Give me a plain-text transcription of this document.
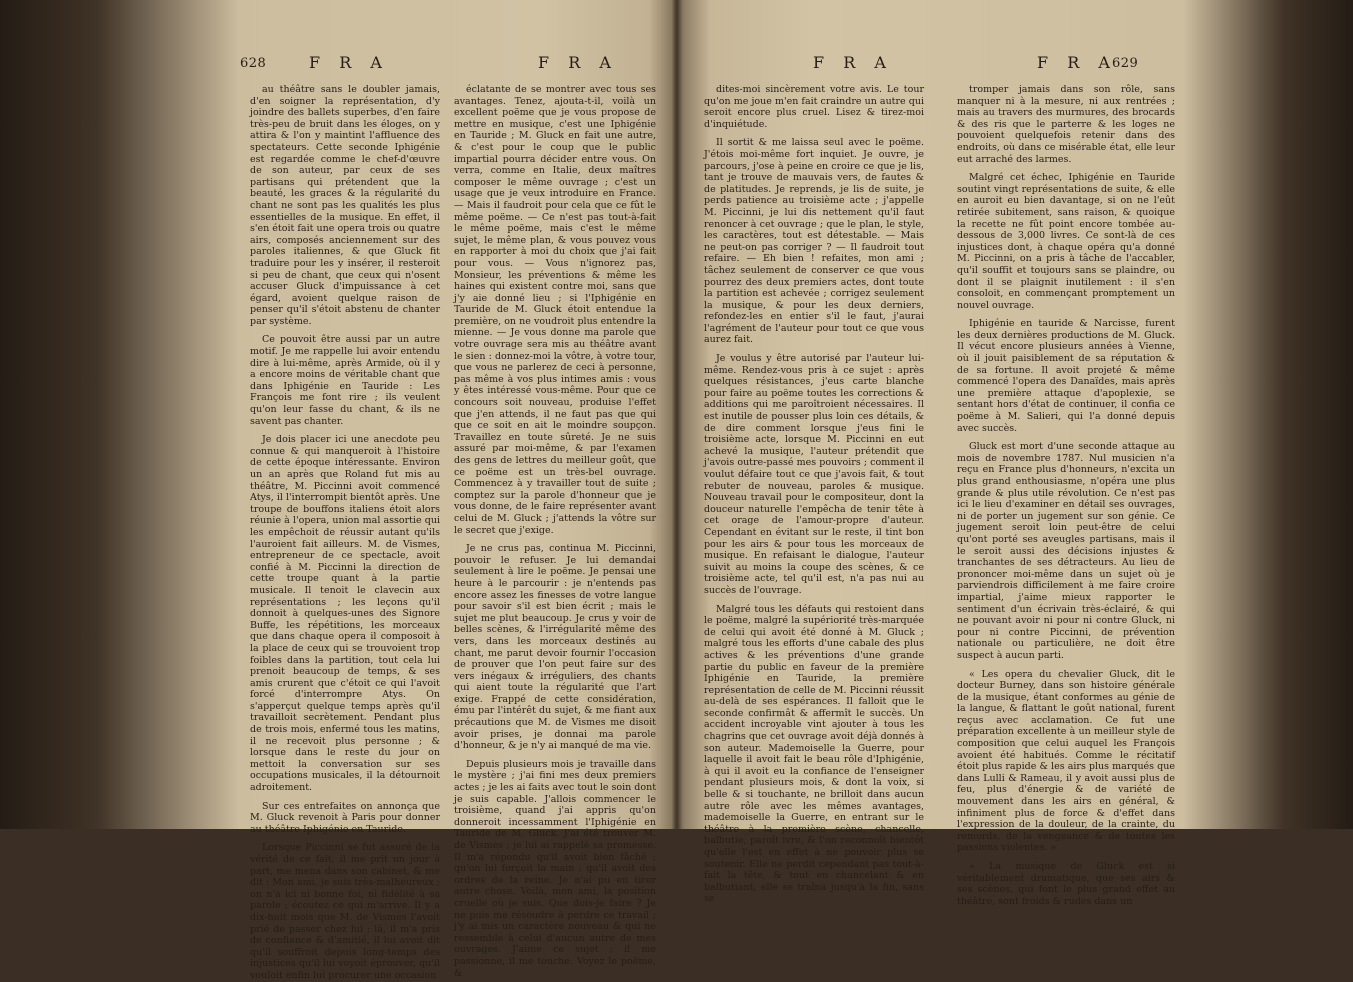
628	F R A	F R A

au théâtre sans le doubler jamais, d'en soigner la représentation, d'y joindre des ballets superbes, d'en faire très-peu de bruit dans les éloges, on y attira & l'on y maintint l'affluence des spectateurs. Cette seconde Iphigénie est regardée comme le chef-d'œuvre de son auteur, par ceux de ses partisans qui prétendent que la beauté, les graces & la régularité du chant ne sont pas les qualités les plus essentielles de la musique. En effet, il s'en étoit fait une opera trois ou quatre airs, composés anciennement sur des paroles italiennes, & que Gluck fit traduire pour les y insérer, il resteroit si peu de chant, que ceux qui n'osent accuser Gluck d'impuissance à cet égard, avoient quelque raison de penser qu'il s'étoit abstenu de chanter par système.

Ce pouvoit être aussi par un autre motif. Je me rappelle lui avoir entendu dire à lui-même, après Armide, où il y a encore moins de véritable chant que dans Iphigénie en Tauride : Les François me font rire ; ils veulent qu'on leur fasse du chant, & ils ne savent pas chanter.

Je dois placer ici une anecdote peu connue & qui manqueroit à l'histoire de cette époque intéressante. Environ un an après que Roland fut mis au théâtre, M. Piccinni avoit commencé Atys, il l'interrompit bientôt après. Une troupe de bouffons italiens étoit alors réunie à l'opera, union mal assortie qui les empêchoit de réussir autant qu'ils l'auroient fait ailleurs. M. de Vismes, entrepreneur de ce spectacle, avoit confié à M. Piccinni la direction de cette troupe quant à la partie musicale. Il tenoit le clavecin aux représentations ; les leçons qu'il donnoit à quelques-unes des Signore Buffe, les répétitions, les morceaux que dans chaque opera il composoit à la place de ceux qui se trouvoient trop foibles dans la partition, tout cela lui prenoit beaucoup de temps, & ses amis crurent que c'étoit ce qui l'avoit forcé d'interrompre Atys. On s'apperçut quelque temps après qu'il travailloit secrètement. Pendant plus de trois mois, enfermé tous les matins, il ne recevoit plus personne ; & lorsque dans le reste du jour on mettoit la conversation sur ses occupations musicales, il la détournoit adroitement.

Sur ces entrefaites on annonça que M. Gluck revenoit à Paris pour donner au théâtre Iphigénie en Tauride.

Lorsque Piccinni se fut assuré de la vérité de ce fait, il me prit un jour à part, me mena dans son cabinet, & me dit : Mon ami, je suis très-malheureux ; on n'a ici ni bonne foi, ni fidélité à sa parole ; écoutez ce qui m'arrive. Il y a dix-huit mois que M. de Vismes l'avoit prié de passer chez lui ; là, il m'a pris de confiance & d'amitié, il lui avoit dit qu'il souffroit depuis long-temps des injustices qu'il lui voyoit éprouver, qu'il vouloit enfin lui procurer une occasion

éclatante de se montrer avec tous ses avantages. Tenez, ajouta-t-il, voilà un excellent poëme que je vous propose de mettre en musique, c'est une Iphigénie en Tauride ; M. Gluck en fait une autre, & c'est pour le coup que le public impartial pourra décider entre vous. On verra, comme en Italie, deux maîtres composer le même ouvrage ; c'est un usage que je veux introduire en France. — Mais il faudroit pour cela que ce fût le même poëme. — Ce n'est pas tout-à-fait le même poëme, mais c'est le même sujet, le même plan, & vous pouvez vous en rapporter à moi du choix que j'ai fait pour vous. — Vous n'ignorez pas, Monsieur, les préventions & même les haines qui existent contre moi, sans que j'y aie donné lieu ; si l'Iphigénie en Tauride de M. Gluck étoit entendue la première, on ne voudroit plus entendre la mienne. — Je vous donne ma parole que votre ouvrage sera mis au théâtre avant le sien : donnez-moi la vôtre, à votre tour, que vous ne parlerez de ceci à personne, pas même à vos plus intimes amis : vous y êtes intéressé vous-même. Pour que ce concours soit nouveau, produise l'effet que j'en attends, il ne faut pas que qui que ce soit en ait le moindre soupçon. Travaillez en toute sûreté. Je ne suis assuré par moi-même, & par l'examen des gens de lettres du meilleur goût, que ce poëme est un très-bel ouvrage. Commencez à y travailler tout de suite ; comptez sur la parole d'honneur que je vous donne, de le faire représenter avant celui de M. Gluck ; j'attends la vôtre sur le secret que j'exige.

Je ne crus pas, continua M. Piccinni, pouvoir le refuser. Je lui demandai seulement à lire le poëme. Je pensai une heure à le parcourir : je n'entends pas encore assez les finesses de votre langue pour savoir s'il est bien écrit ; mais le sujet me plut beaucoup. Je crus y voir de belles scènes, & l'irrégularité même des vers, dans les morceaux destinés au chant, me parut devoir fournir l'occasion de prouver que l'on peut faire sur des vers inégaux & irréguliers, des chants qui aient toute la régularité que l'art exige. Frappé de cette considération, ému par l'intérêt du sujet, & me fiant aux précautions que M. de Vismes me disoit avoir prises, je donnai ma parole d'honneur, & je n'y ai manqué de ma vie.

Depuis plusieurs mois je travaille dans le mystère ; j'ai fini mes deux premiers actes ; je les ai faits avec tout le soin dont je suis capable. J'allois commencer le troisième, quand j'ai appris qu'on donneroit incessamment l'Iphigénie en Tauride de M. Gluck. J'ai été trouver M. de Vismes ; je lui ai rappelé sa promesse. Il m'a répondu qu'il avoit bien fâché ; qu'on lui forçoit la main ; qu'il avoit des ordres de la reine. Je n'ai pu en tirer autre chose. Voilà, mon ami, la position cruelle où je suis. Que dois-je faire ? Je ne puis me résoudre à perdre ce travail ; j'y ai mis un caractère nouveau & qui ne ressemble à celui d'aucun autre de mes ouvrages. J'aime ce sujet ; il me passionne, il me touche. Voyez le poëme, &

F R A	F R A
629

dites-moi sincèrement votre avis. Le tour qu'on me joue m'en fait craindre un autre qui seroit encore plus cruel. Lisez & tirez-moi d'inquiétude.

Il sortit & me laissa seul avec le poëme. J'étois moi-même fort inquiet. Je ouvre, je parcours, j'ose à peine en croire ce que je lis, tant je trouve de mauvais vers, de fautes & de platitudes. Je reprends, je lis de suite, je perds patience au troisième acte ; j'appelle M. Piccinni, je lui dis nettement qu'il faut renoncer à cet ouvrage ; que le plan, le style, les caractères, tout est détestable. — Mais ne peut-on pas corriger ? — Il faudroit tout refaire. — Eh bien ! refaites, mon ami ; tâchez seulement de conserver ce que vous pourrez des deux premiers actes, dont toute la partition est achevée ; corrigez seulement la musique, & pour les deux derniers, refondez-les en entier s'il le faut, j'aurai l'agrément de l'auteur pour tout ce que vous aurez fait.

Je voulus y être autorisé par l'auteur lui-même. Rendez-vous pris à ce sujet : après quelques résistances, j'eus carte blanche pour faire au poëme toutes les corrections & additions qui me paroîtroient nécessaires. Il est inutile de pousser plus loin ces détails, & de dire comment lorsque j'eus fini le troisième acte, lorsque M. Piccinni en eut achevé la musique, l'auteur prétendit que j'avois outre-passé mes pouvoirs ; comment il voulut défaire tout ce que j'avois fait, & tout rebuter de nouveau, paroles & musique. Nouveau travail pour le compositeur, dont la douceur naturelle l'empêcha de tenir tête à cet orage de l'amour-propre d'auteur. Cependant en évitant sur le reste, il tint bon pour les airs & pour tous les morceaux de musique. En refaisant le dialogue, l'auteur suivit au moins la coupe des scènes, & ce troisième acte, tel qu'il est, n'a pas nui au succès de l'ouvrage.

Malgré tous les défauts qui restoient dans le poëme, malgré la supériorité très-marquée de celui qui avoit été donné à M. Gluck ; malgré tous les efforts d'une cabale des plus actives & les préventions d'une grande partie du public en faveur de la première Iphigénie en Tauride, la première représentation de celle de M. Piccinni réussit au-delà de ses espérances. Il falloit que le seconde confirmât & affermît le succès. Un accident incroyable vint ajouter à tous les chagrins que cet ouvrage avoit déjà donnés à son auteur. Mademoiselle la Guerre, pour laquelle il avoit fait le beau rôle d'Iphigénie, à qui il avoit eu la confiance de l'enseigner pendant plusieurs mois, & dont la voix, si belle & si touchante, ne brilloit dans aucun autre rôle avec les mêmes avantages, mademoiselle la Guerre, en entrant sur le théâtre à la première scène, chancelle, balbutie, paroît ivre, & l'on reconnoît bientôt qu'elle l'est en effet à ne pouvoir plus se soutenir. Elle ne perdit cependant pas tout-à-fait la tête, & tout en chancelant & en balbutiant, elle se traîna jusqu'à la fin, sans se

tromper jamais dans son rôle, sans manquer ni à la mesure, ni aux rentrées ; mais au travers des murmures, des brocards & des ris que le parterre & les loges ne pouvoient quelquefois retenir dans des endroits, où dans ce misérable état, elle leur eut arraché des larmes.

Malgré cet échec, Iphigénie en Tauride soutint vingt représentations de suite, & elle en auroit eu bien davantage, si on ne l'eût retirée subitement, sans raison, & quoique la recette ne fût point encore tombée au-dessous de 3,000 livres. Ce sont-là de ces injustices dont, à chaque opéra qu'a donné M. Piccinni, on a pris à tâche de l'accabler, qu'il souffit et toujours sans se plaindre, ou dont il se plaignit inutilement : il s'en consoloit, en commençant promptement un nouvel ouvrage.

Iphigénie en tauride & Narcisse, furent les deux dernières productions de M. Gluck. Il vécut encore plusieurs années à Vienne, où il jouit paisiblement de sa réputation & de sa fortune. Il avoit projeté & même commencé l'opera des Danaïdes, mais après une première attaque d'apoplexie, se sentant hors d'état de continuer, il confia ce poëme à M. Salieri, qui l'a donné depuis avec succès.

Gluck est mort d'une seconde attaque au mois de novembre 1787. Nul musicien n'a reçu en France plus d'honneurs, n'excita un plus grand enthousiasme, n'opéra une plus grande & plus utile révolution. Ce n'est pas ici le lieu d'examiner en détail ses ouvrages, ni de porter un jugement sur son génie. Ce jugement seroit loin peut-être de celui qu'ont porté ses aveugles partisans, mais il le seroit aussi des décisions injustes & tranchantes de ses détracteurs. Au lieu de prononcer moi-même dans un sujet où je parviendrois difficilement à me faire croire impartial, j'aime mieux rapporter le sentiment d'un écrivain très-éclairé, & qui ne pouvant avoir ni pour ni contre Gluck, ni pour ni contre Piccinni, de prévention nationale ou particulière, ne doit être suspect à aucun parti.

« Les opera du chevalier Gluck, dit le docteur Burney, dans son histoire générale de la musique, étant conformes au génie de la langue, & flattant le goût national, furent reçus avec acclamation. Ce fut une préparation excellente à un meilleur style de composition que celui auquel les François avoient été habitués. Comme le récitatif étoit plus rapide & les airs plus marqués que dans Lulli & Rameau, il y avoit aussi plus de feu, plus d'énergie & de variété de mouvement dans les airs en général, & infiniment plus de force & d'effet dans l'expression de la douleur, de la crainte, du remords, de la vengeance & de toutes les passions violentes. »

« La musique de Gluck est si véritablement dramatique, que ses airs & ses scènes, qui font le plus grand effet au théâtre, sont froids & rudes dans un
